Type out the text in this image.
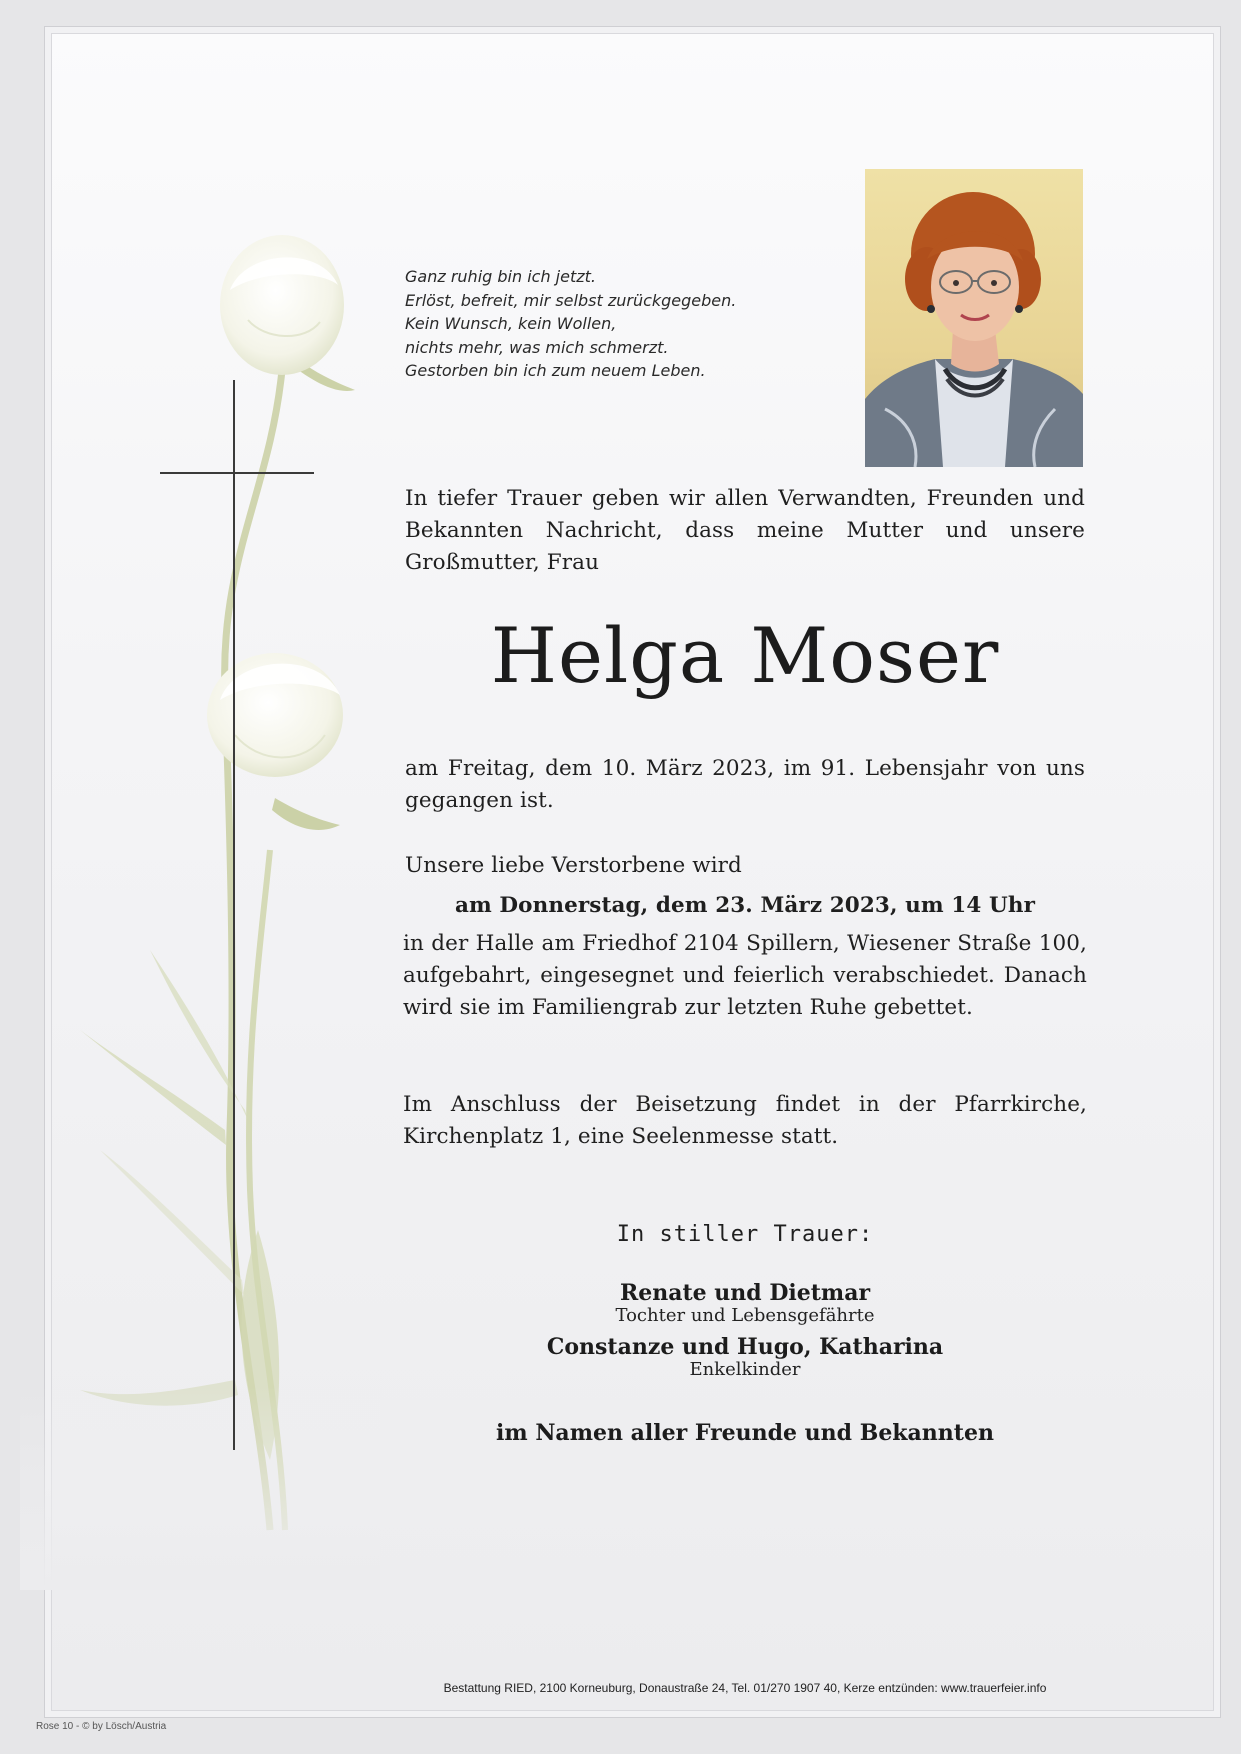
Ganz ruhig bin ich jetzt.
Erlöst, befreit, mir selbst zurückgegeben.
Kein Wunsch, kein Wollen,
nichts mehr, was mich schmerzt.
Gestorben bin ich zum neuem Leben.

In tiefer Trauer geben wir allen Verwandten, Freunden und Bekannten Nachricht, dass meine Mutter und unsere Großmutter, Frau

Helga Moser

am Freitag, dem 10. März 2023, im 91. Lebensjahr von uns gegangen ist.

Unsere liebe Verstorbene wird

am Donnerstag, dem 23. März 2023, um 14 Uhr

in der Halle am Friedhof 2104 Spillern, Wiesener Straße 100, aufgebahrt, eingesegnet und feierlich verabschiedet. Danach wird sie im Familiengrab zur letzten Ruhe gebettet.

Im Anschluss der Beisetzung findet in der Pfarrkirche, Kirchenplatz 1, eine Seelenmesse statt.

In stiller Trauer:
Renate und Dietmar
Tochter und Lebensgefährte
Constanze und Hugo, Katharina
Enkelkinder
im Namen aller Freunde und Bekannten
Bestattung RIED, 2100 Korneuburg, Donaustraße 24, Tel. 01/270 1907 40, Kerze entzünden: www.trauerfeier.info
Rose 10 - © by Lösch/Austria
